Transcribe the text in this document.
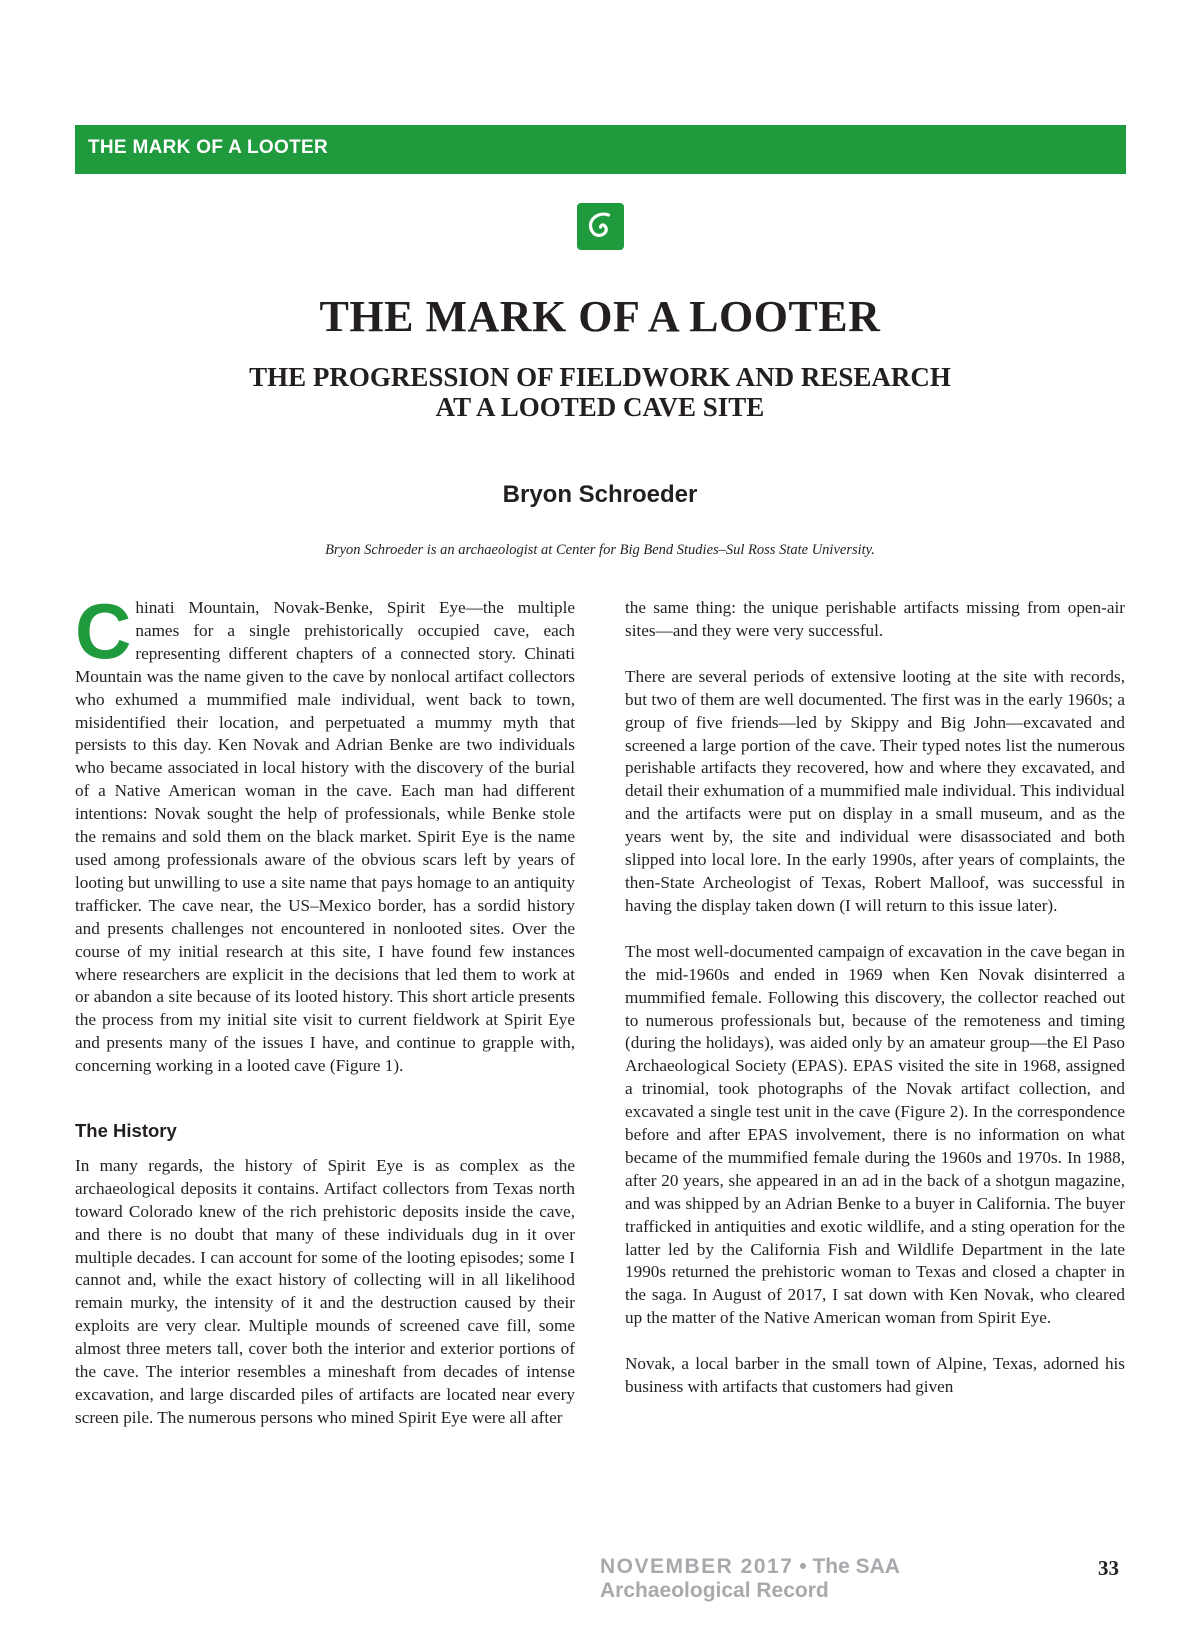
THE MARK OF A LOOTER
THE MARK OF A LOOTER
THE PROGRESSION OF FIELDWORK AND RESEARCH
AT A LOOTED CAVE SITE
Bryon Schroeder
Bryon Schroeder is an archaeologist at Center for Big Bend Studies–Sul Ross State University.

Chinati Mountain, Novak-Benke, Spirit Eye—the multiple names for a single prehistorically occupied cave, each representing different chapters of a connected story. Chinati Mountain was the name given to the cave by nonlocal artifact collectors who exhumed a mummified male individual, went back to town, misidentified their location, and perpetuated a mummy myth that persists to this day. Ken Novak and Adrian Benke are two individuals who became associated in local history with the discovery of the burial of a Native American woman in the cave. Each man had different intentions: Novak sought the help of professionals, while Benke stole the remains and sold them on the black market. Spirit Eye is the name used among professionals aware of the obvious scars left by years of looting but unwilling to use a site name that pays homage to an antiquity trafficker. The cave near, the US–Mexico border, has a sordid history and presents challenges not encountered in nonlooted sites. Over the course of my initial research at this site, I have found few instances where researchers are explicit in the decisions that led them to work at or abandon a site because of its looted history. This short article presents the process from my initial site visit to current fieldwork at Spirit Eye and presents many of the issues I have, and continue to grapple with, concerning working in a looted cave (Figure 1).

The History

In many regards, the history of Spirit Eye is as complex as the archaeological deposits it contains. Artifact collectors from Texas north toward Colorado knew of the rich prehistoric deposits inside the cave, and there is no doubt that many of these individuals dug in it over multiple decades. I can account for some of the looting episodes; some I cannot and, while the exact history of collecting will in all likelihood remain murky, the intensity of it and the destruction caused by their exploits are very clear. Multiple mounds of screened cave fill, some almost three meters tall, cover both the interior and exterior portions of the cave. The interior resembles a mineshaft from decades of intense excavation, and large discarded piles of artifacts are located near every screen pile. The numerous persons who mined Spirit Eye were all after

the same thing: the unique perishable artifacts missing from open-air sites—and they were very successful.

There are several periods of extensive looting at the site with records, but two of them are well documented. The first was in the early 1960s; a group of five friends—led by Skippy and Big John—excavated and screened a large portion of the cave. Their typed notes list the numerous perishable artifacts they recovered, how and where they excavated, and detail their exhumation of a mummified male individual. This individual and the artifacts were put on display in a small museum, and as the years went by, the site and individual were disassociated and both slipped into local lore. In the early 1990s, after years of complaints, the then-State Archeologist of Texas, Robert Malloof, was successful in having the display taken down (I will return to this issue later).

The most well-documented campaign of excavation in the cave began in the mid-1960s and ended in 1969 when Ken Novak disinterred a mummified female. Following this discovery, the collector reached out to numerous professionals but, because of the remoteness and timing (during the holidays), was aided only by an amateur group—the El Paso Archaeological Society (EPAS). EPAS visited the site in 1968, assigned a trinomial, took photographs of the Novak artifact collection, and excavated a single test unit in the cave (Figure 2). In the correspondence before and after EPAS involvement, there is no information on what became of the mummified female during the 1960s and 1970s. In 1988, after 20 years, she appeared in an ad in the back of a shotgun magazine, and was shipped by an Adrian Benke to a buyer in California. The buyer trafficked in antiquities and exotic wildlife, and a sting operation for the latter led by the California Fish and Wildlife Department in the late 1990s returned the prehistoric woman to Texas and closed a chapter in the saga. In August of 2017, I sat down with Ken Novak, who cleared up the matter of the Native American woman from Spirit Eye.

Novak, a local barber in the small town of Alpine, Texas, adorned his business with artifacts that customers had given

NOVEMBER 2017 • The SAA Archaeological Record
33
